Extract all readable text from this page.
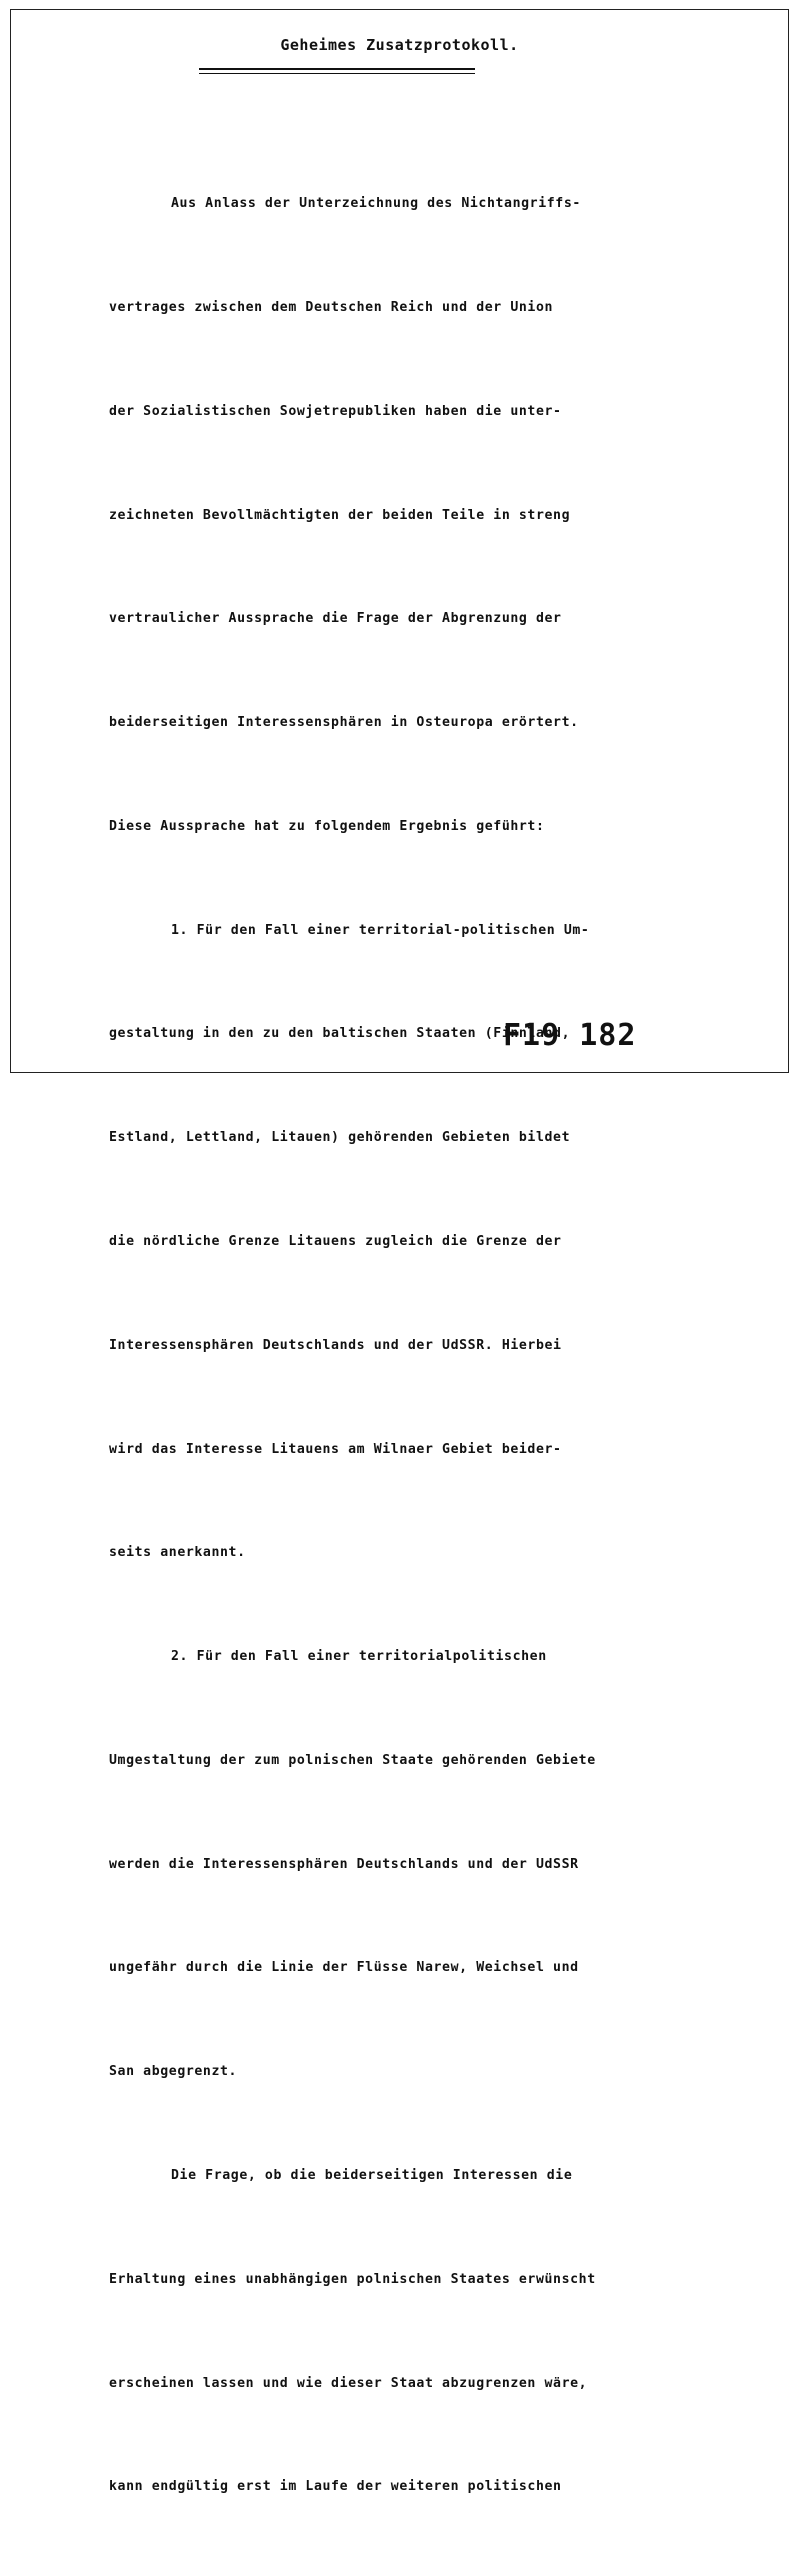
Geheimes Zusatzprotokoll.

Aus Anlass der Unterzeichnung des Nichtangriffs-

vertrages zwischen dem Deutschen Reich und der Union

der Sozialistischen Sowjetrepubliken haben die unter-

zeichneten Bevollmächtigten der beiden Teile in streng

vertraulicher Aussprache die Frage der Abgrenzung der

beiderseitigen Interessensphären in Osteuropa erörtert.

Diese Aussprache hat zu folgendem Ergebnis geführt:

1. Für den Fall einer territorial-politischen Um-

gestaltung in den zu den baltischen Staaten (Finnland,

Estland, Lettland, Litauen) gehörenden Gebieten bildet

die nördliche Grenze Litauens zugleich die Grenze der

Interessensphären Deutschlands und der UdSSR. Hierbei

wird das Interesse Litauens am Wilnaer Gebiet beider-

seits anerkannt.

2. Für den Fall einer territorialpolitischen

Umgestaltung der zum polnischen Staate gehörenden Gebiete

werden die Interessensphären Deutschlands und der UdSSR

ungefähr durch die Linie der Flüsse Narew, Weichsel und

San abgegrenzt.

Die Frage, ob die beiderseitigen Interessen die

Erhaltung eines unabhängigen polnischen Staates erwünscht

erscheinen lassen und wie dieser Staat abzugrenzen wäre,

kann endgültig erst im Laufe der weiteren politischen

F19 182
